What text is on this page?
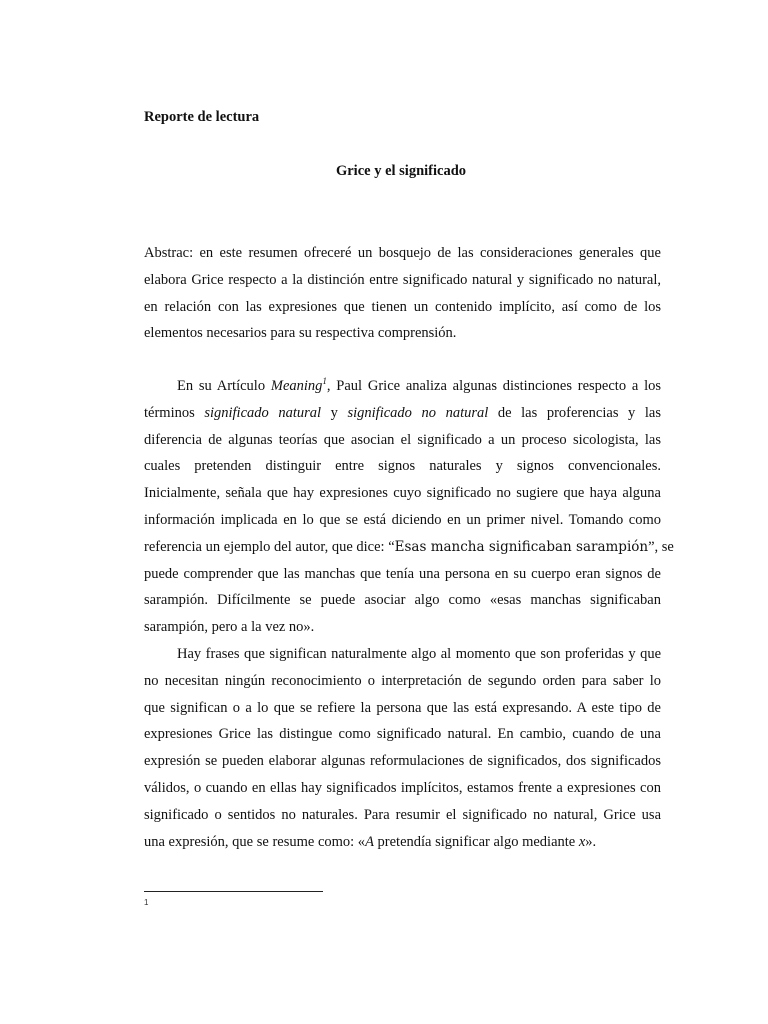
Reporte de lectura
Grice y el significado
Abstrac: en este resumen ofreceré un bosquejo de las consideraciones generales que
elabora Grice respecto a la distinción entre significado natural y significado no natural,
en relación con las expresiones que tienen un contenido implícito, así como de los
elementos necesarios para su respectiva comprensión.
En su Artículo Meaning$^1$, Paul Grice analiza algunas distinciones respecto a los
términos significado natural y significado no natural de las proferencias y las
diferencia de algunas teorías que asocian el significado a un proceso sicologista, las
cuales pretenden distinguir entre signos naturales y signos convencionales.
Inicialmente, señala que hay expresiones cuyo significado no sugiere que haya alguna
información implicada en lo que se está diciendo en un primer nivel. Tomando como
referencia un ejemplo del autor, que dice: “Esas mancha significaban sarampión”, se
puede comprender que las manchas que tenía una persona en su cuerpo eran signos de
sarampión. Difícilmente se puede asociar algo como «esas manchas significaban
sarampión, pero a la vez no».
Hay frases que significan naturalmente algo al momento que son proferidas y que
no necesitan ningún reconocimiento o interpretación de segundo orden para saber lo
que significan o a lo que se refiere la persona que las está expresando. A este tipo de
expresiones Grice las distingue como significado natural. En cambio, cuando de una
expresión se pueden elaborar algunas reformulaciones de significados, dos significados
válidos, o cuando en ellas hay significados implícitos, estamos frente a expresiones con
significado o sentidos no naturales. Para resumir el significado no natural, Grice usa
una expresión, que se resume como: «A pretendía significar algo mediante x».
1
